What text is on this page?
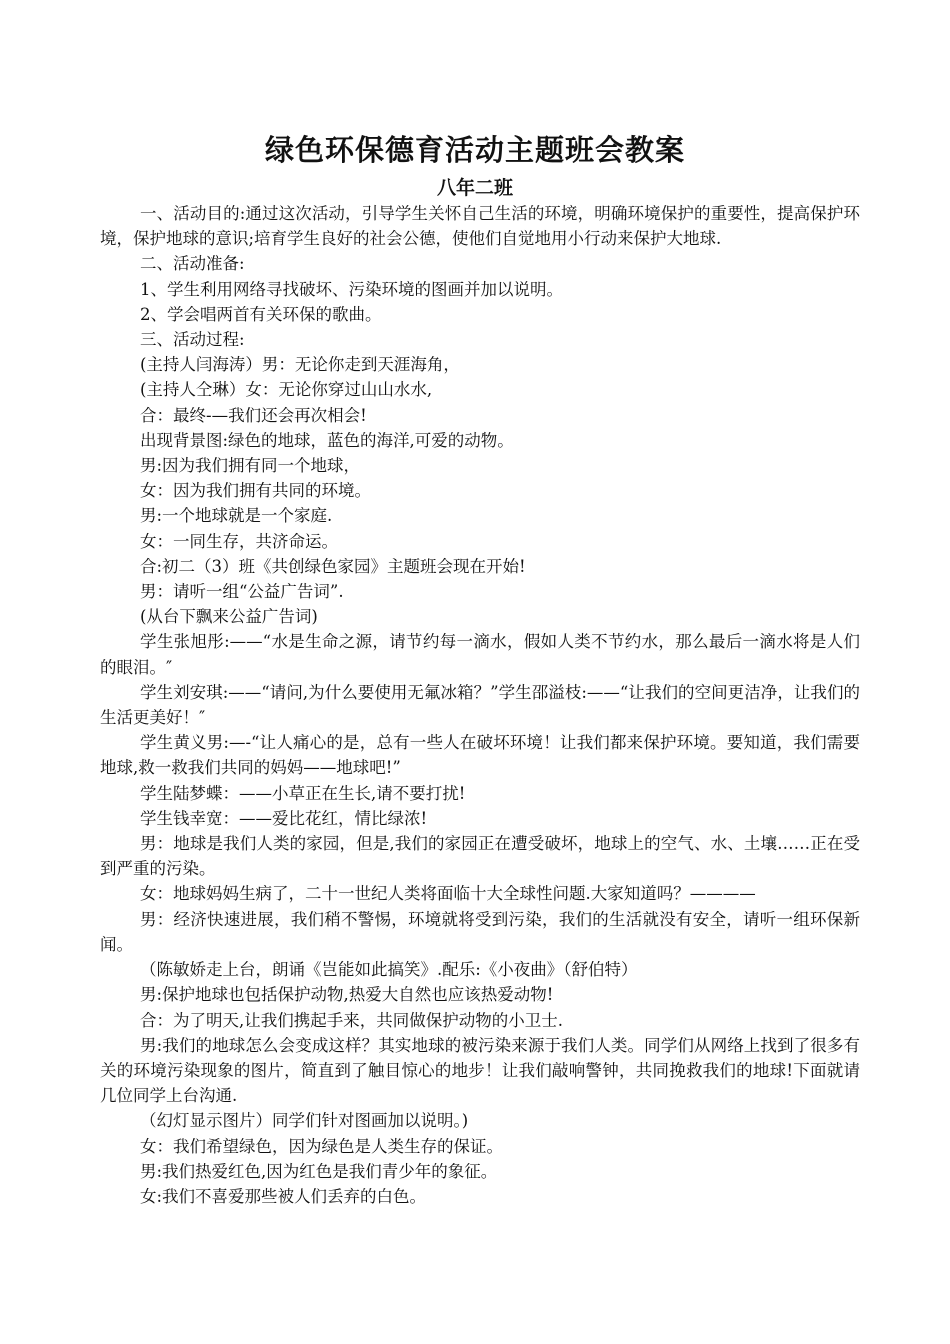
绿色环保德育活动主题班会教案
八年二班

一、活动目的:通过这次活动，引导学生关怀自己生活的环境，明确环境保护的重要性，提高保护环境，保护地球的意识;培育学生良好的社会公德，使他们自觉地用小行动来保护大地球.

二、活动准备:

1、学生利用网络寻找破坏、污染环境的图画并加以说明。

2、学会唱两首有关环保的歌曲。

三、活动过程:

(主持人闫海涛）男：无论你走到天涯海角，

(主持人仝琳）女：无论你穿过山山水水,

合：最终-—我们还会再次相会!

出现背景图:绿色的地球，蓝色的海洋,可爱的动物。

男:因为我们拥有同一个地球，

女：因为我们拥有共同的环境。

男:一个地球就是一个家庭.

女：一同生存，共济命运。

合:初二（3）班《共创绿色家园》主题班会现在开始!

男：请听一组“公益广告词”.

(从台下飘来公益广告词)

学生张旭彤:——“水是生命之源，请节约每一滴水，假如人类不节约水，那么最后一滴水将是人们的眼泪。″

学生刘安琪:——“请问,为什么要使用无氟冰箱？”学生邵溢枝:——“让我们的空间更洁净，让我们的生活更美好！″

学生黄义男:—-“让人痛心的是，总有一些人在破坏环境！让我们都来保护环境。要知道，我们需要地球,救一救我们共同的妈妈——地球吧!”

学生陆梦蝶：——小草正在生长,请不要打扰!

学生钱幸宽：——爱比花红，情比绿浓!

男：地球是我们人类的家园，但是,我们的家园正在遭受破坏，地球上的空气、水、土壤……正在受到严重的污染。

女：地球妈妈生病了，二十一世纪人类将面临十大全球性问题.大家知道吗？————

男：经济快速进展，我们稍不警惕，环境就将受到污染，我们的生活就没有安全，请听一组环保新闻。

（陈敏娇走上台，朗诵《岂能如此搞笑》.配乐:《小夜曲》（舒伯特）

男:保护地球也包括保护动物,热爱大自然也应该热爱动物!

合：为了明天,让我们携起手来，共同做保护动物的小卫士.

男:我们的地球怎么会变成这样？其实地球的被污染来源于我们人类。同学们从网络上找到了很多有关的环境污染现象的图片，简直到了触目惊心的地步！让我们敲响警钟，共同挽救我们的地球!下面就请几位同学上台沟通.

（幻灯显示图片）同学们针对图画加以说明。)

女：我们希望绿色，因为绿色是人类生存的保证。

男:我们热爱红色,因为红色是我们青少年的象征。

女:我们不喜爱那些被人们丢弃的白色。
